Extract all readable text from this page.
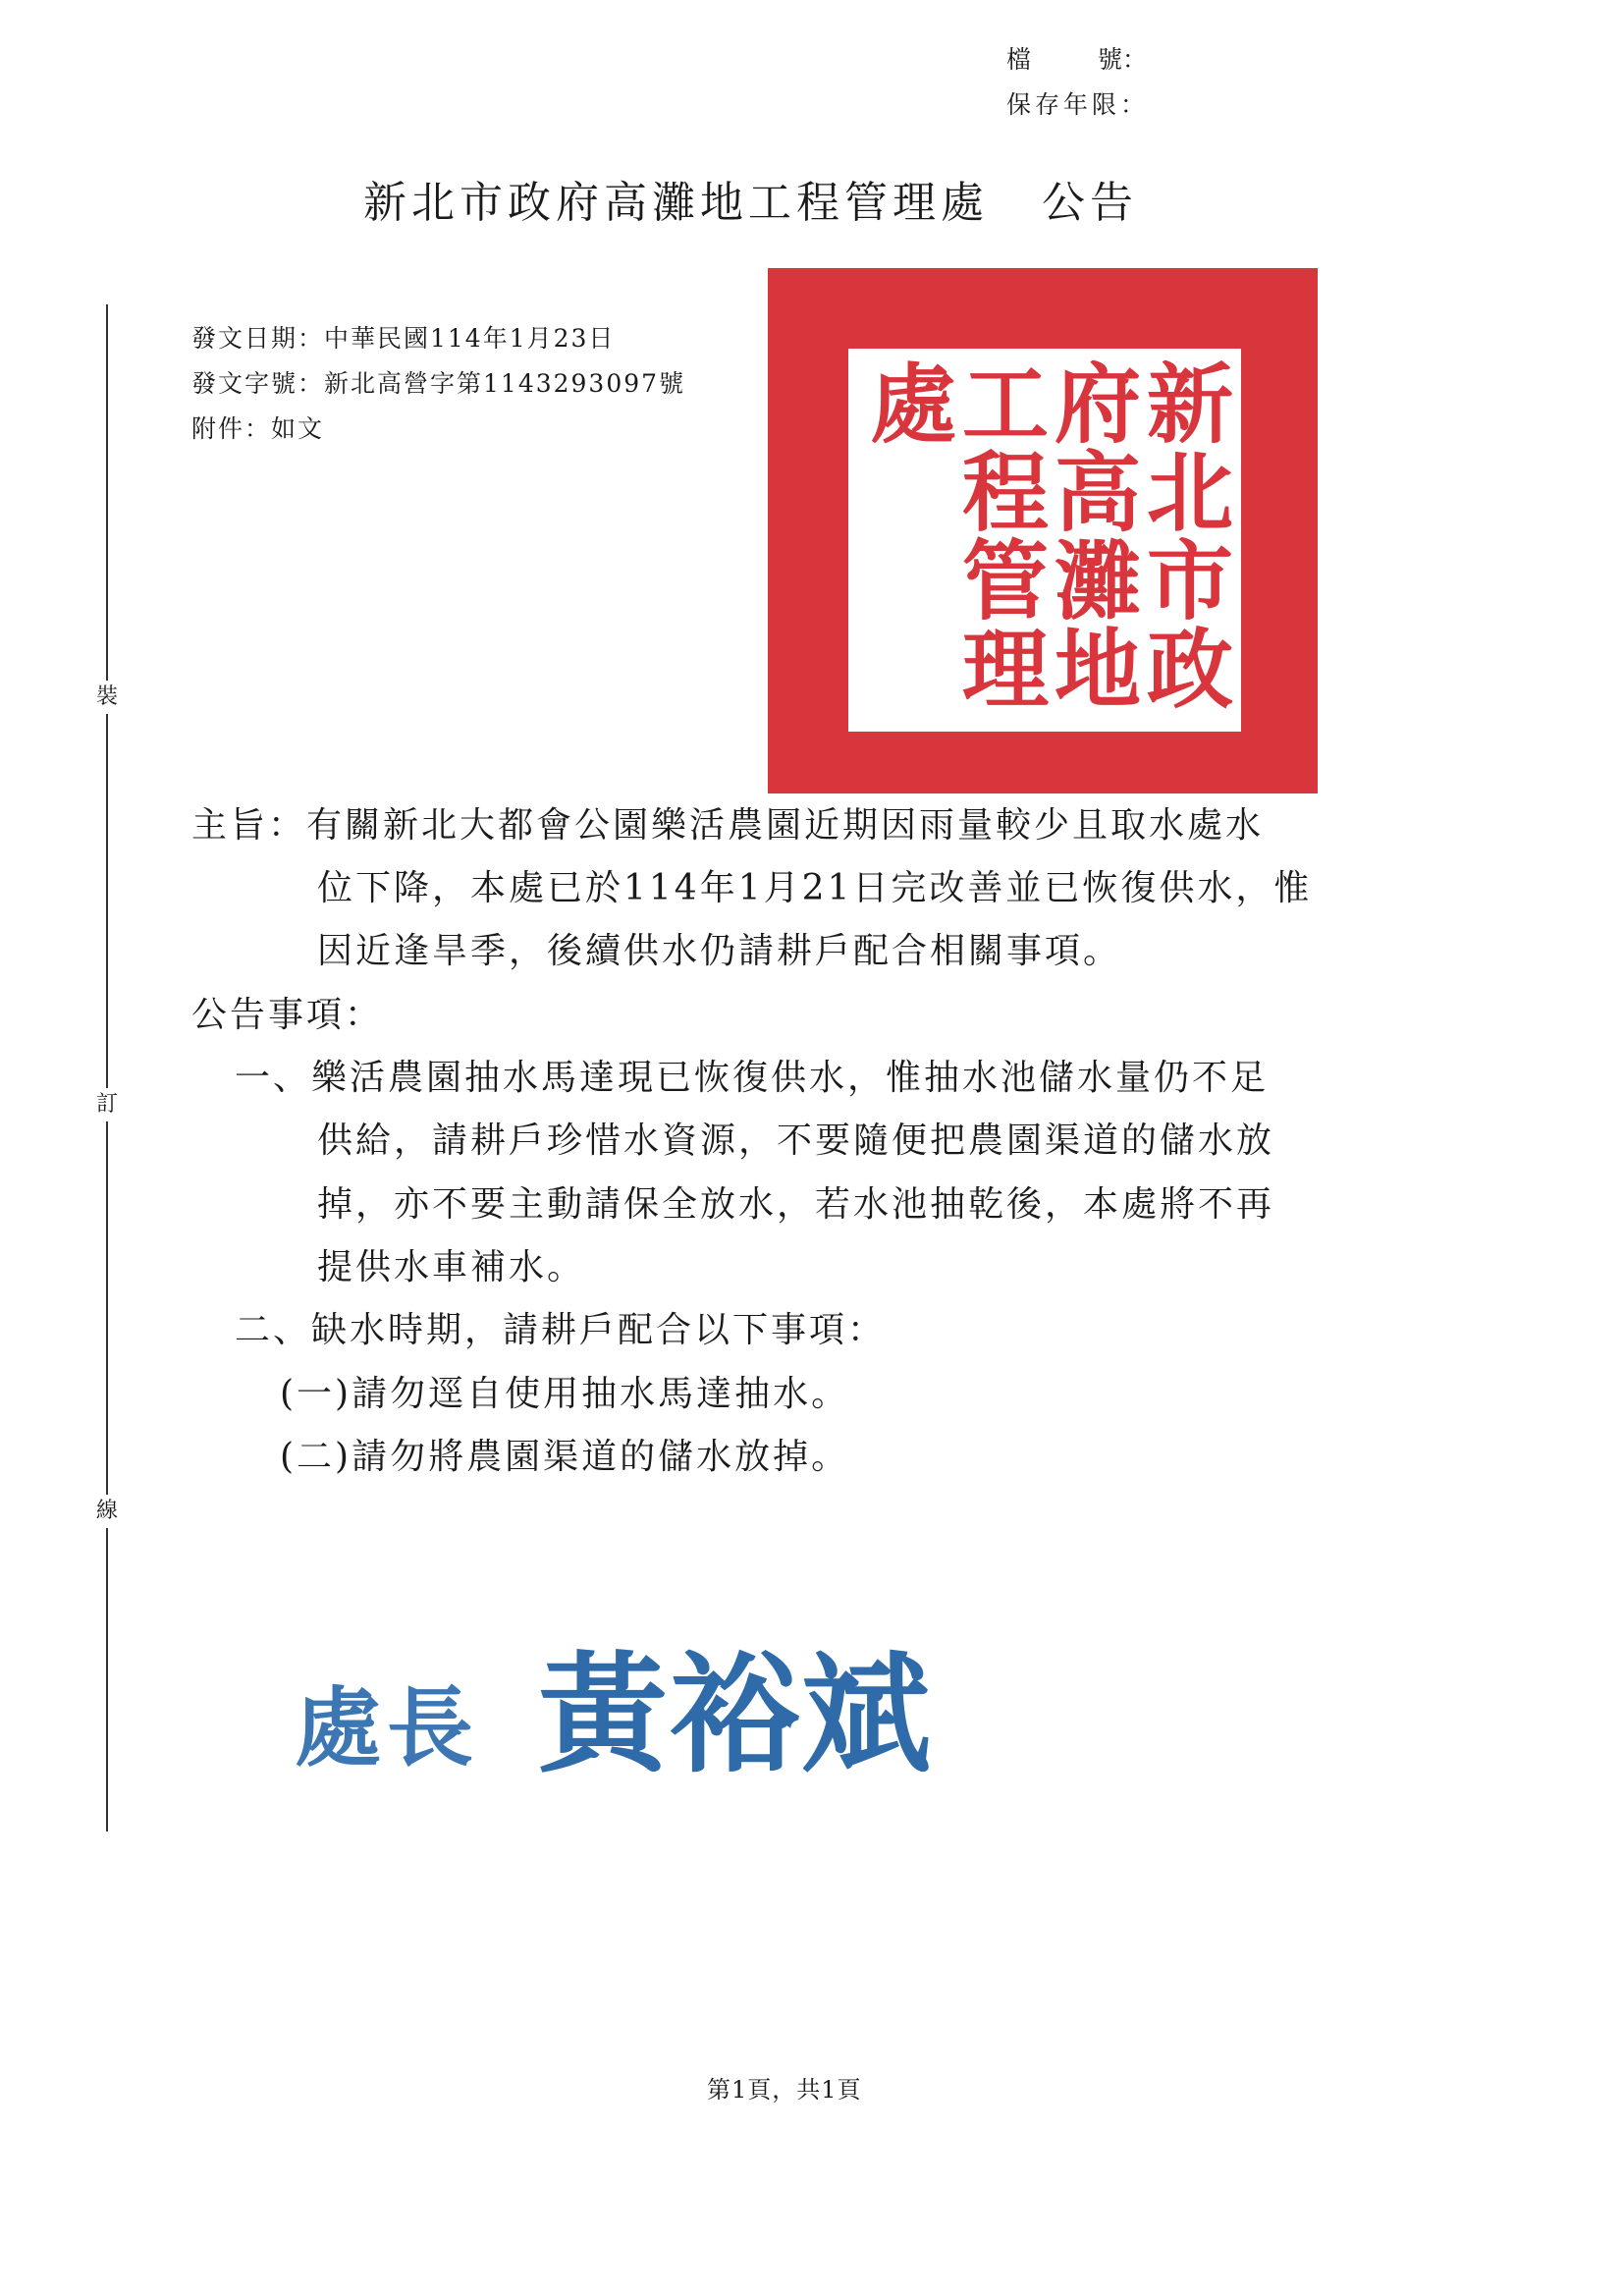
檔號：
保存年限：
裝
訂
線
新北市政府高灘地工程管理處 公告
發文日期：中華民國114年1月23日
發文字號：新北高營字第1143293097號
附件：如文	新北市政府高灘地工程管理處
主旨：有關新北大都會公園樂活農園近期因雨量較少且取水處水
位下降，本處已於114年1月21日完改善並已恢復供水，惟
因近逢旱季，後續供水仍請耕戶配合相關事項。
公告事項：
一、樂活農園抽水馬達現已恢復供水，惟抽水池儲水量仍不足
供給，請耕戶珍惜水資源，不要隨便把農園渠道的儲水放
掉，亦不要主動請保全放水，若水池抽乾後，本處將不再
提供水車補水。
二、缺水時期，請耕戶配合以下事項：
(一)請勿逕自使用抽水馬達抽水。
(二)請勿將農園渠道的儲水放掉。
處長 黃裕斌
第1頁，共1頁
